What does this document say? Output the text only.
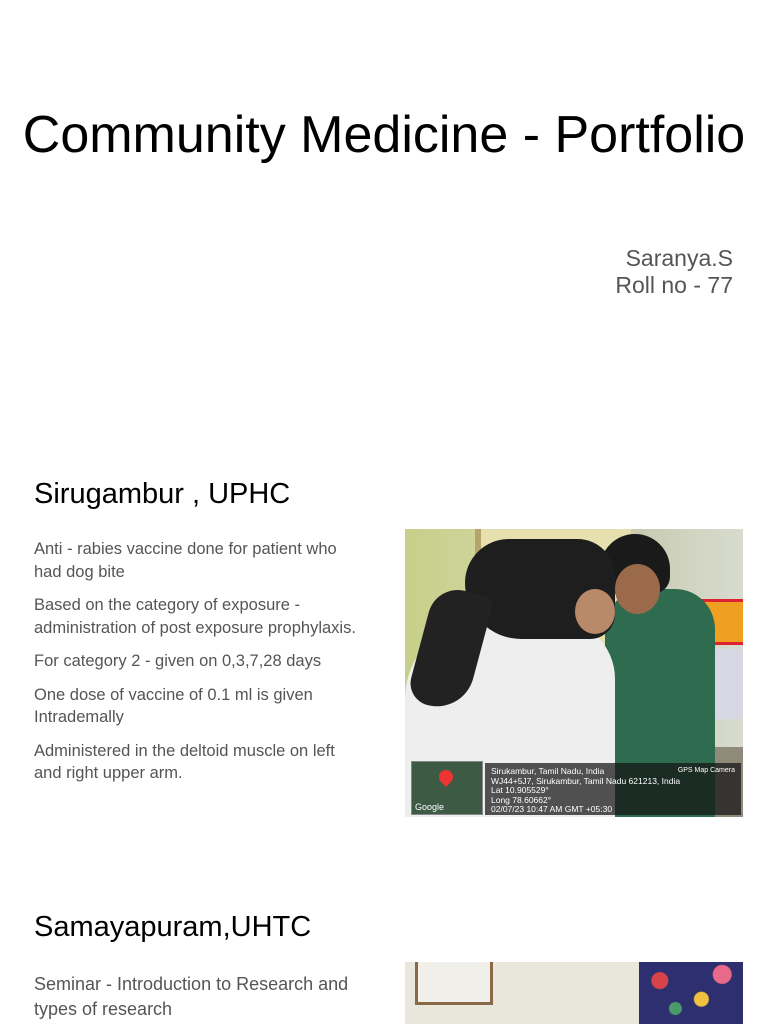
Community Medicine - Portfolio
Saranya.S
Roll no - 77
Sirugambur , UPHC

Anti - rabies vaccine done for patient who had dog bite

Based on the category of exposure - administration of post exposure prophylaxis.

For category 2 - given on 0,3,7,28 days

One dose of vaccine of 0.1 ml is given Intrademally

Administered in the deltoid muscle on left and right upper arm.

Google
GPS Map Camera
Sirukambur, Tamil Nadu, India
WJ44+5J7, Sirukambur, Tamil Nadu 621213, India
Lat 10.905529°
Long 78.60662°
02/07/23 10:47 AM GMT +05:30
Samayapuram,UHTC

Seminar - Introduction to Research and types of research
